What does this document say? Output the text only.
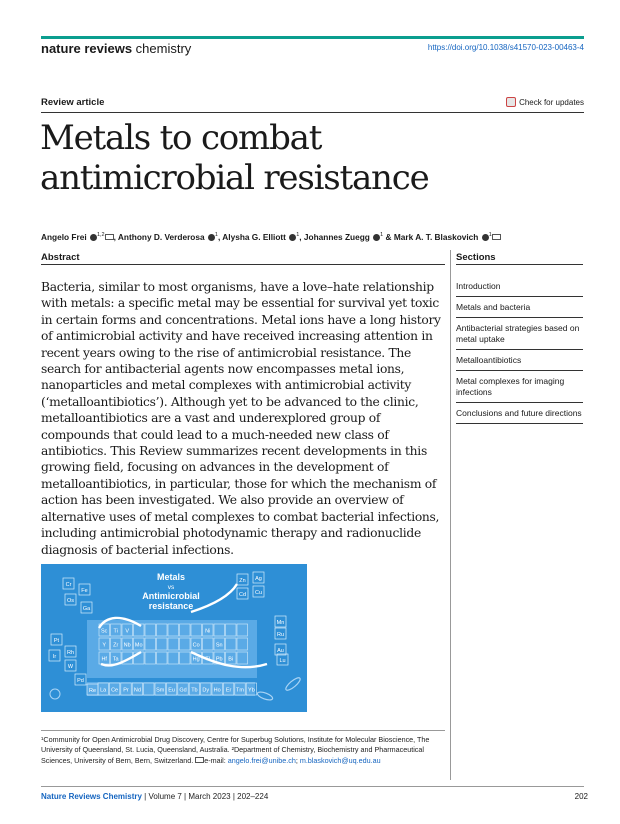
nature reviews chemistry	https://doi.org/10.1038/s41570-023-00463-4
Review article	Check for updates
Metals to combat
antimicrobial resistance
Angelo Frei $^{1,2}$ , Anthony D. Verderosa $^1$, Alysha G. Elliott $^1$, Johannes Zuegg $^1$ & Mark A. T. Blaskovich $^1$
Abstract

Bacteria, similar to most organisms, have a love–hate relationship with metals: a specific metal may be essential for survival yet toxic in certain forms and concentrations. Metal ions have a long history of antimicrobial activity and have received increasing attention in recent years owing to the rise of antimicrobial resistance. The search for antibacterial agents now encompasses metal ions, nanoparticles and metal complexes with antimicrobial activity (‘metalloantibiotics’). Although yet to be advanced to the clinic, metalloantibiotics are a vast and underexplored group of compounds that could lead to a much-needed new class of antibiotics. This Review summarizes recent developments in this growing field, focusing on advances in the development of metalloantibiotics, in particular, those for which the mechanism of action has been investigated. We also provide an overview of alternative uses of metal complexes to combat bacterial infections, including antimicrobial photodynamic therapy and radionuclide diagnosis of bacterial infections.

Sections
Introduction
Metals and bacteria
Antibacterial strategies based on metal uptake
Metalloantibiotics
Metal complexes for imaging infections
Conclusions and future directions
Sc Ti V	Ni
Y Zr Nb Mo	Co	Sn
Hf Ta	Hg Tl Pb Bi
La Ce Pr Nd	Sm Eu Gd Tb Dy Ho Er Tm Yb
Cr
Fe
Os
Ga
Pt
Ir
Rh
W
Pd
Re
Zn Ag
Cd Cu
Mn
Ru
Au
Lu
Metals
vs
Antimicrobial
resistance
¹Community for Open Antimicrobial Drug Discovery, Centre for Superbug Solutions, Institute for Molecular Bioscience, The University of Queensland, St. Lucia, Queensland, Australia. ²Department of Chemistry, Biochemistry and Pharmaceutical Sciences, University of Bern, Bern, Switzerland. e-mail: angelo.frei@unibe.ch; m.blaskovich@uq.edu.au
Nature Reviews Chemistry | Volume 7 | March 2023 | 202–224	202
